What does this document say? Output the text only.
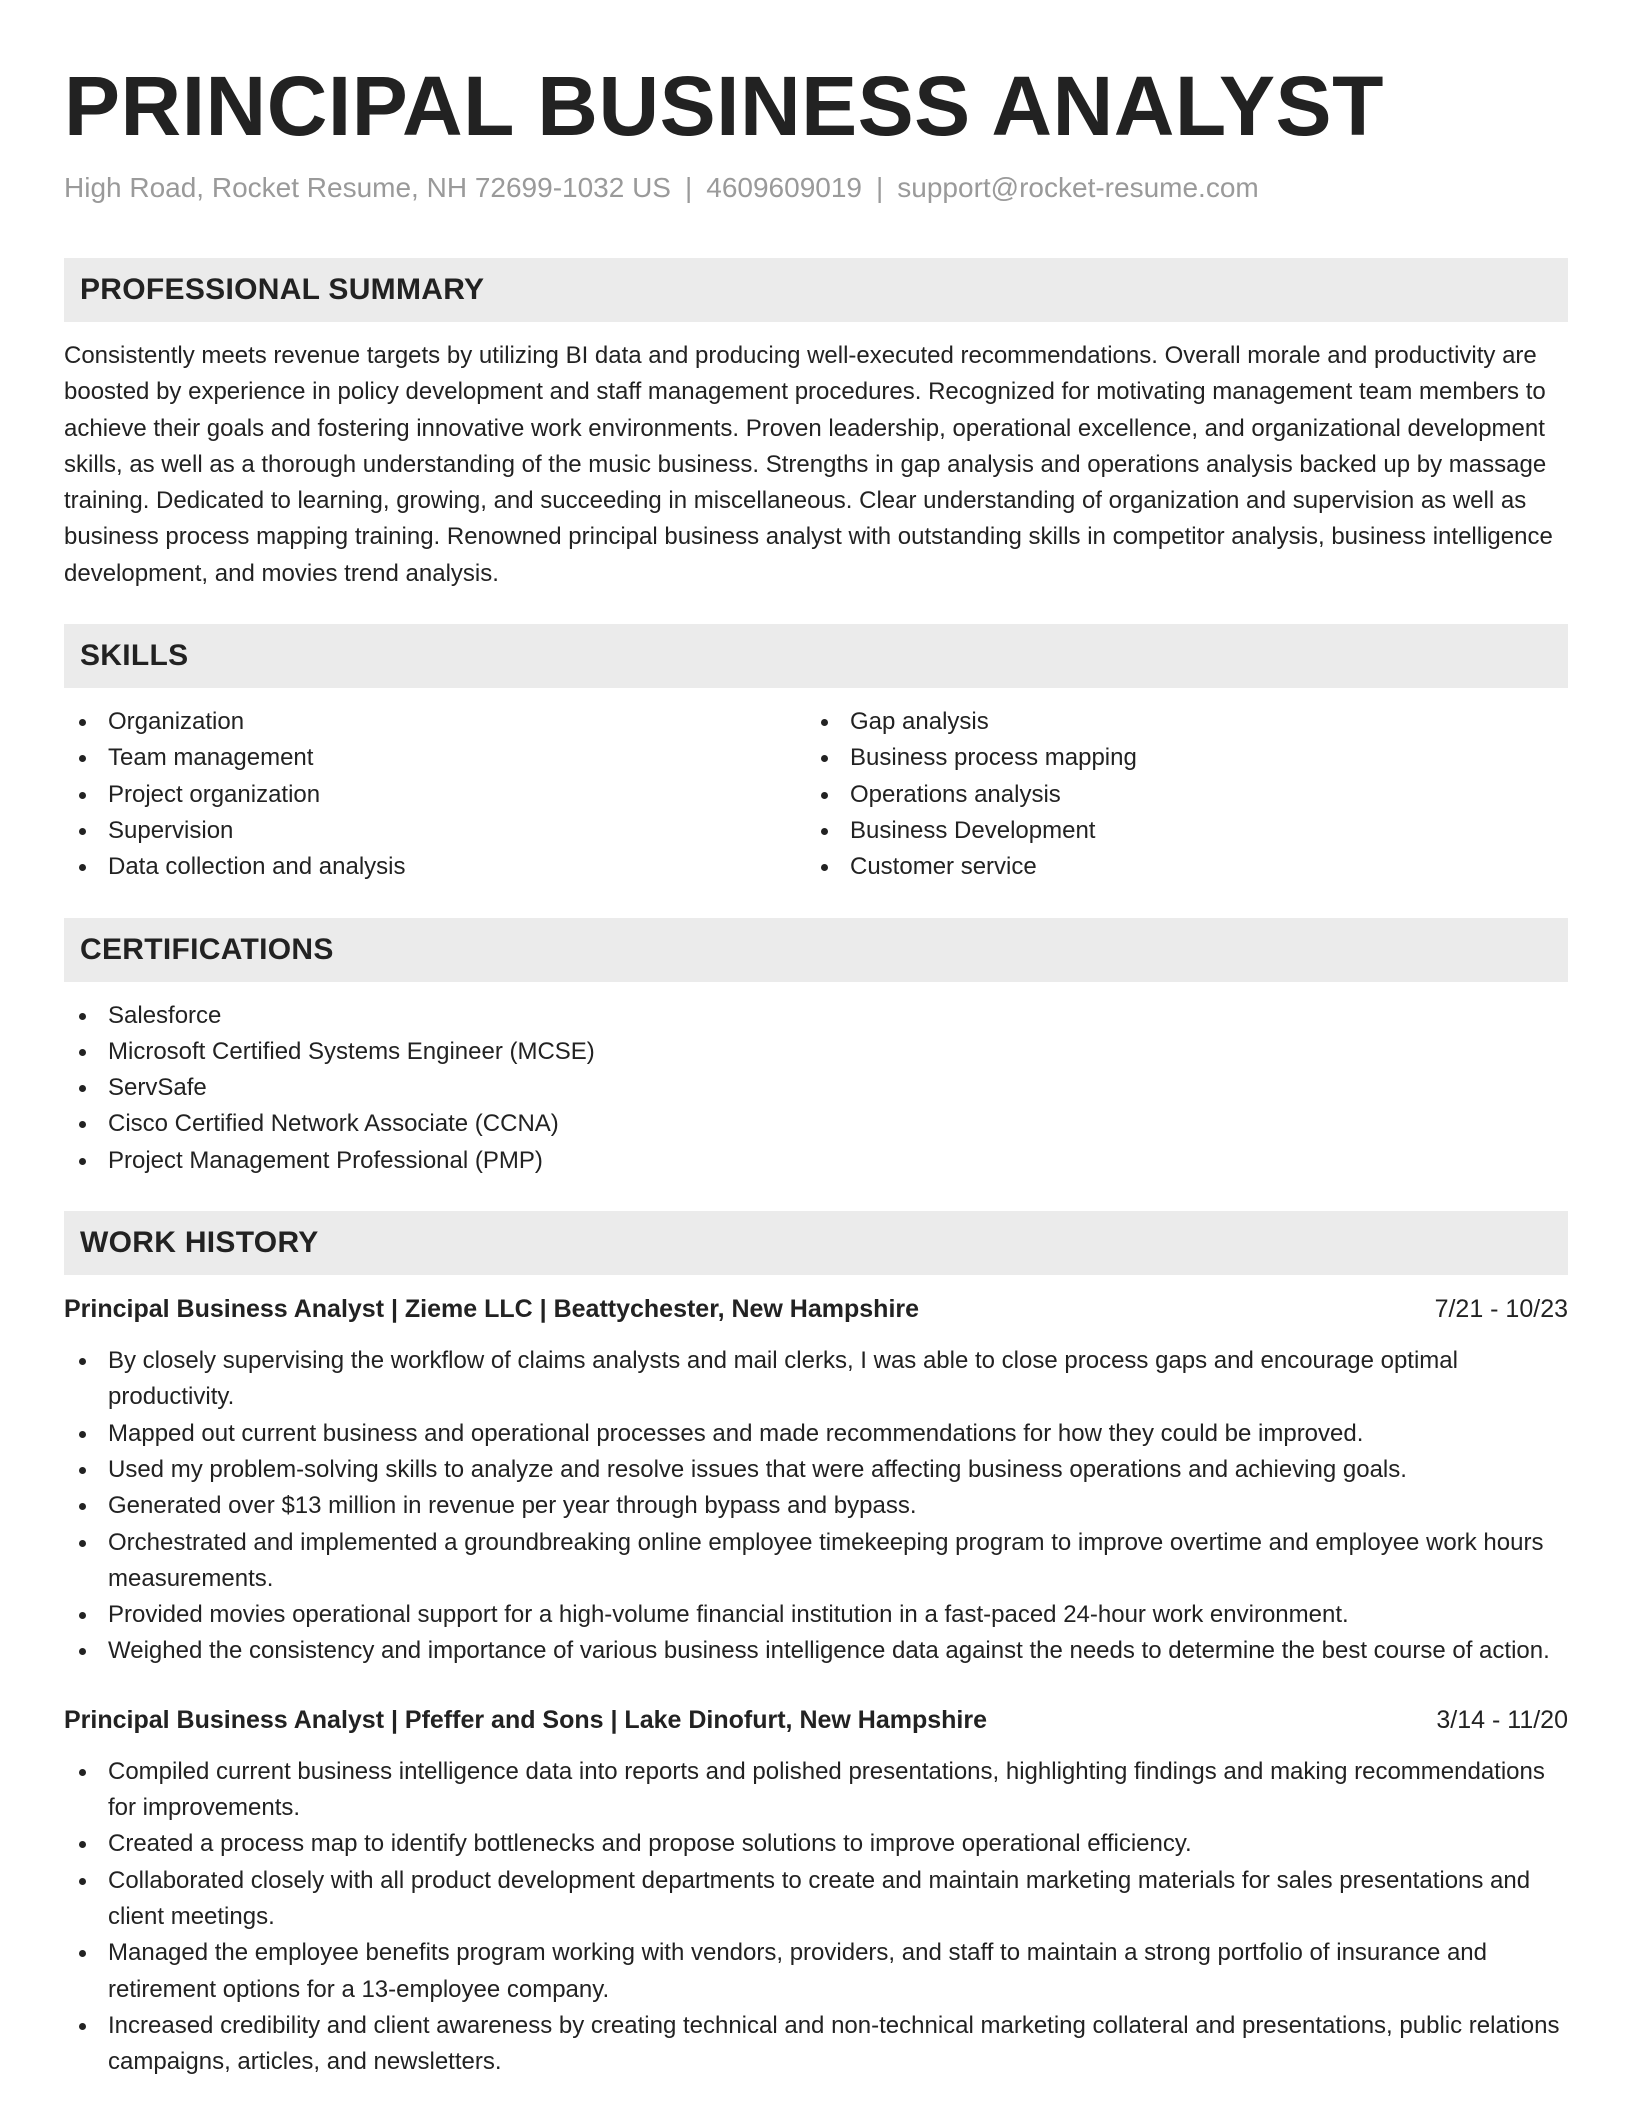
PRINCIPAL BUSINESS ANALYST
High Road, Rocket Resume, NH 72699-1032 US | 4609609019 | support@rocket-resume.com
PROFESSIONAL SUMMARY

Consistently meets revenue targets by utilizing BI data and producing well-executed recommendations. Overall morale and productivity are boosted by experience in policy development and staff management procedures. Recognized for motivating management team members to achieve their goals and fostering innovative work environments. Proven leadership, operational excellence, and organizational development skills, as well as a thorough understanding of the music business. Strengths in gap analysis and operations analysis backed up by massage training. Dedicated to learning, growing, and succeeding in miscellaneous. Clear understanding of organization and supervision as well as business process mapping training. Renowned principal business analyst with outstanding skills in competitor analysis, business intelligence development, and movies trend analysis.

SKILLS
Organization
Team management
Project organization
Supervision
Data collection and analysis
Gap analysis
Business process mapping
Operations analysis
Business Development
Customer service
CERTIFICATIONS
Salesforce
Microsoft Certified Systems Engineer (MCSE)
ServSafe
Cisco Certified Network Associate (CCNA)
Project Management Professional (PMP)
WORK HISTORY
Principal Business Analyst | Zieme LLC | Beattychester, New Hampshire	7/21 - 10/23
By closely supervising the workflow of claims analysts and mail clerks, I was able to close process gaps and encourage optimal productivity.
Mapped out current business and operational processes and made recommendations for how they could be improved.
Used my problem-solving skills to analyze and resolve issues that were affecting business operations and achieving goals.
Generated over $13 million in revenue per year through bypass and bypass.
Orchestrated and implemented a groundbreaking online employee timekeeping program to improve overtime and employee work hours measurements.
Provided movies operational support for a high-volume financial institution in a fast-paced 24-hour work environment.
Weighed the consistency and importance of various business intelligence data against the needs to determine the best course of action.
Principal Business Analyst | Pfeffer and Sons | Lake Dinofurt, New Hampshire	3/14 - 11/20
Compiled current business intelligence data into reports and polished presentations, highlighting findings and making recommendations for improvements.
Created a process map to identify bottlenecks and propose solutions to improve operational efficiency.
Collaborated closely with all product development departments to create and maintain marketing materials for sales presentations and client meetings.
Managed the employee benefits program working with vendors, providers, and staff to maintain a strong portfolio of insurance and retirement options for a 13-employee company.
Increased credibility and client awareness by creating technical and non-technical marketing collateral and presentations, public relations campaigns, articles, and newsletters.
